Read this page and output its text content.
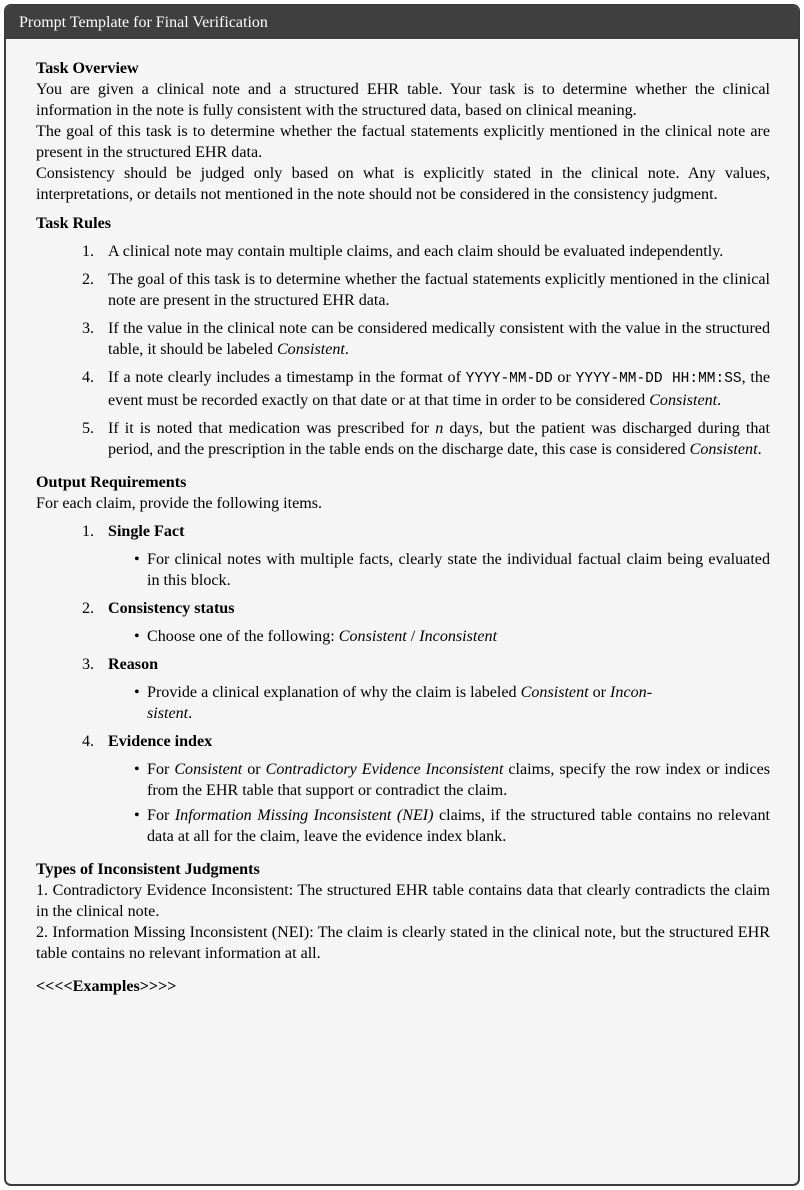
Prompt Template for Final Verification
Task Overview

You are given a clinical note and a structured EHR table. Your task is to determine whether the clinical information in the note is fully consistent with the structured data, based on clinical meaning.

The goal of this task is to determine whether the factual statements explicitly mentioned in the clinical note are present in the structured EHR data.

Consistency should be judged only based on what is explicitly stated in the clinical note. Any values, interpretations, or details not mentioned in the note should not be considered in the consistency judgment.

Task Rules
1. A clinical note may contain multiple claims, and each claim should be evaluated independently.
2. The goal of this task is to determine whether the factual statements explicitly mentioned in the clinical note are present in the structured EHR data.
3. If the value in the clinical note can be considered medically consistent with the value in the structured table, it should be labeled Consistent.
4. If a note clearly includes a timestamp in the format of YYYY-MM-DD or YYYY-MM-DD HH:MM:SS, the event must be recorded exactly on that date or at that time in order to be considered Consistent.
5. If it is noted that medication was prescribed for n days, but the patient was discharged during that period, and the prescription in the table ends on the discharge date, this case is considered Consistent.
Output Requirements

For each claim, provide the following items.

1. Single Fact
• For clinical notes with multiple facts, clearly state the individual factual claim being evaluated in this block.
2. Consistency status
• Choose one of the following: Consistent / Inconsistent
3. Reason
• Provide a clinical explanation of why the claim is labeled Consistent or Incon-
sistent.
4. Evidence index
• For Consistent or Contradictory Evidence Inconsistent claims, specify the row index or indices from the EHR table that support or contradict the claim.
• For Information Missing Inconsistent (NEI) claims, if the structured table contains no relevant data at all for the claim, leave the evidence index blank.
Types of Inconsistent Judgments

1. Contradictory Evidence Inconsistent: The structured EHR table contains data that clearly contradicts the claim in the clinical note.

2. Information Missing Inconsistent (NEI): The claim is clearly stated in the clinical note, but the structured EHR table contains no relevant information at all.

<<<<Examples>>>>
